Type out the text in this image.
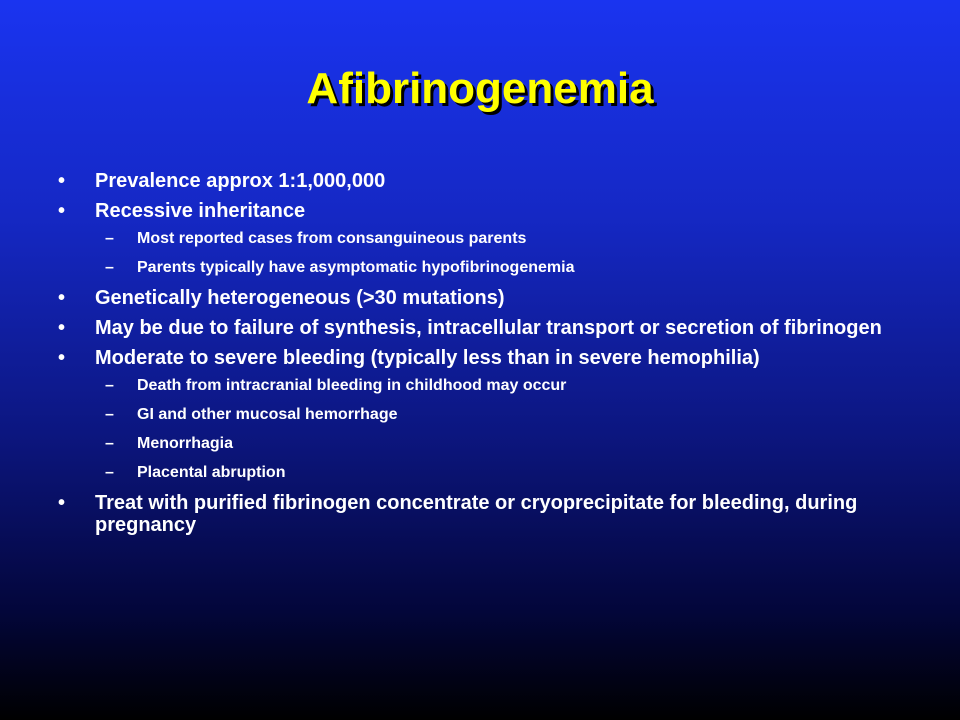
Afibrinogenemia
• Prevalence approx 1:1,000,000
• Recessive inheritance
– Most reported cases from consanguineous parents
– Parents typically have asymptomatic hypofibrinogenemia
• Genetically heterogeneous (>30 mutations)
• May be due to failure of synthesis, intracellular transport or secretion of fibrinogen
• Moderate to severe bleeding (typically less than in severe hemophilia)
– Death from intracranial bleeding in childhood may occur
– GI and other mucosal hemorrhage
– Menorrhagia
– Placental abruption
• Treat with purified fibrinogen concentrate or cryoprecipitate for bleeding, during pregnancy
